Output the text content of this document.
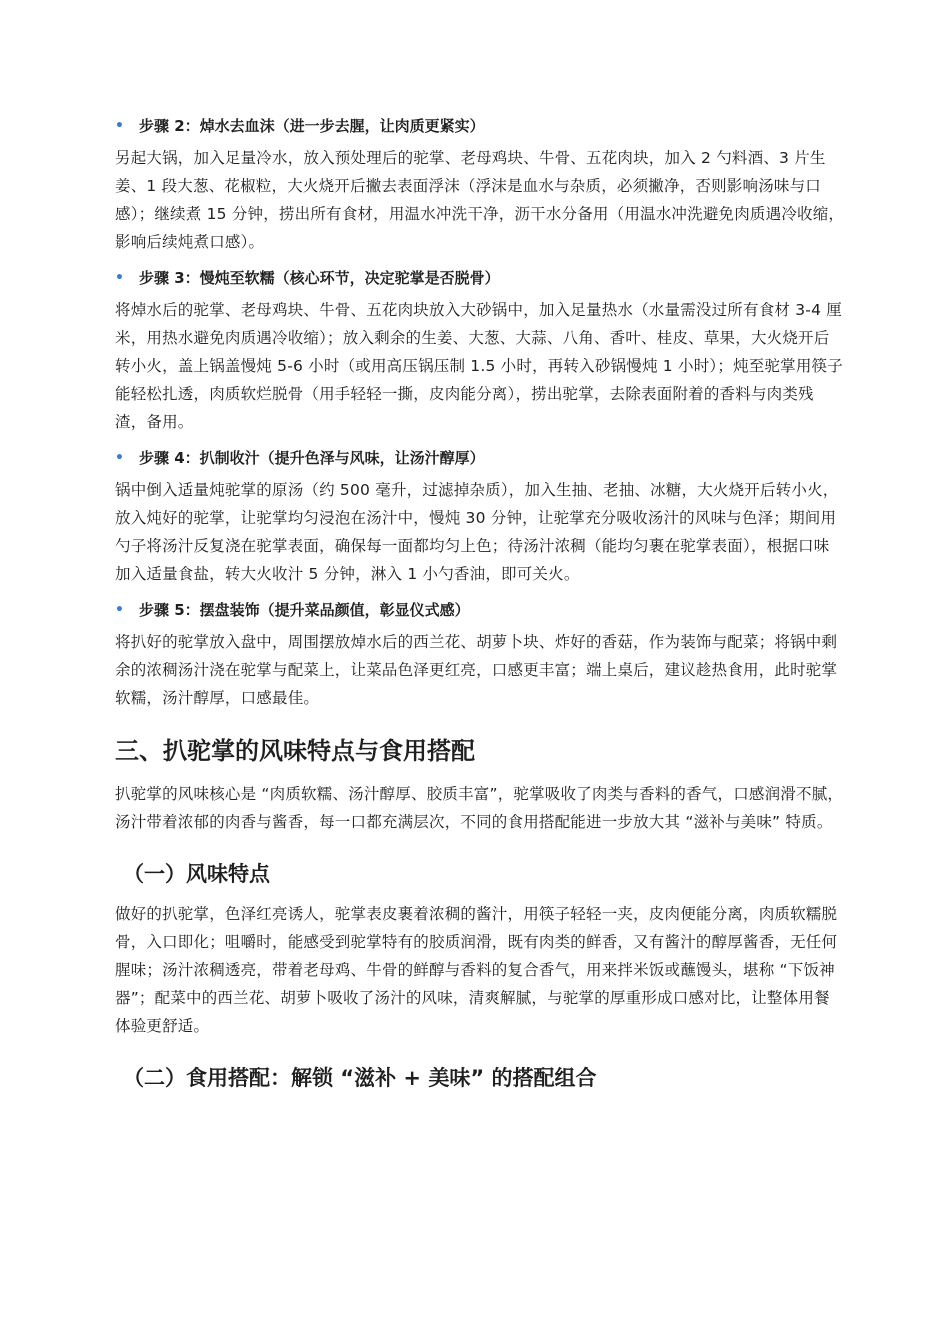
• 步骤 2：焯水去血沫（进一步去腥，让肉质更紧实）

另起大锅，加入足量冷水，放入预处理后的驼掌、老母鸡块、牛骨、五花肉块，加入 2 勺料酒、3 片生姜、1 段大葱、花椒粒，大火烧开后撇去表面浮沫（浮沫是血水与杂质，必须撇净，否则影响汤味与口感）；继续煮 15 分钟，捞出所有食材，用温水冲洗干净，沥干水分备用（用温水冲洗避免肉质遇冷收缩，影响后续炖煮口感）。

• 步骤 3：慢炖至软糯（核心环节，决定驼掌是否脱骨）

将焯水后的驼掌、老母鸡块、牛骨、五花肉块放入大砂锅中，加入足量热水（水量需没过所有食材 3-4 厘米，用热水避免肉质遇冷收缩）；放入剩余的生姜、大葱、大蒜、八角、香叶、桂皮、草果，大火烧开后转小火，盖上锅盖慢炖 5-6 小时（或用高压锅压制 1.5 小时，再转入砂锅慢炖 1 小时）；炖至驼掌用筷子能轻松扎透，肉质软烂脱骨（用手轻轻一撕，皮肉能分离），捞出驼掌，去除表面附着的香料与肉类残渣，备用。

• 步骤 4：扒制收汁（提升色泽与风味，让汤汁醇厚）

锅中倒入适量炖驼掌的原汤（约 500 毫升，过滤掉杂质），加入生抽、老抽、冰糖，大火烧开后转小火，放入炖好的驼掌，让驼掌均匀浸泡在汤汁中，慢炖 30 分钟，让驼掌充分吸收汤汁的风味与色泽；期间用勺子将汤汁反复浇在驼掌表面，确保每一面都均匀上色；待汤汁浓稠（能均匀裹在驼掌表面），根据口味加入适量食盐，转大火收汁 5 分钟，淋入 1 小勺香油，即可关火。

• 步骤 5：摆盘装饰（提升菜品颜值，彰显仪式感）

将扒好的驼掌放入盘中，周围摆放焯水后的西兰花、胡萝卜块、炸好的香菇，作为装饰与配菜；将锅中剩余的浓稠汤汁浇在驼掌与配菜上，让菜品色泽更红亮，口感更丰富；端上桌后，建议趁热食用，此时驼掌软糯，汤汁醇厚，口感最佳。

三、扒驼掌的风味特点与食用搭配

扒驼掌的风味核心是 “肉质软糯、汤汁醇厚、胶质丰富”，驼掌吸收了肉类与香料的香气，口感润滑不腻，汤汁带着浓郁的肉香与酱香，每一口都充满层次，不同的食用搭配能进一步放大其 “滋补与美味” 特质。

（一）风味特点

做好的扒驼掌，色泽红亮诱人，驼掌表皮裹着浓稠的酱汁，用筷子轻轻一夹，皮肉便能分离，肉质软糯脱骨，入口即化；咀嚼时，能感受到驼掌特有的胶质润滑，既有肉类的鲜香，又有酱汁的醇厚酱香，无任何腥味；汤汁浓稠透亮，带着老母鸡、牛骨的鲜醇与香料的复合香气，用来拌米饭或蘸馒头，堪称 “下饭神器”；配菜中的西兰花、胡萝卜吸收了汤汁的风味，清爽解腻，与驼掌的厚重形成口感对比，让整体用餐体验更舒适。

（二）食用搭配：解锁 “滋补 + 美味” 的搭配组合
